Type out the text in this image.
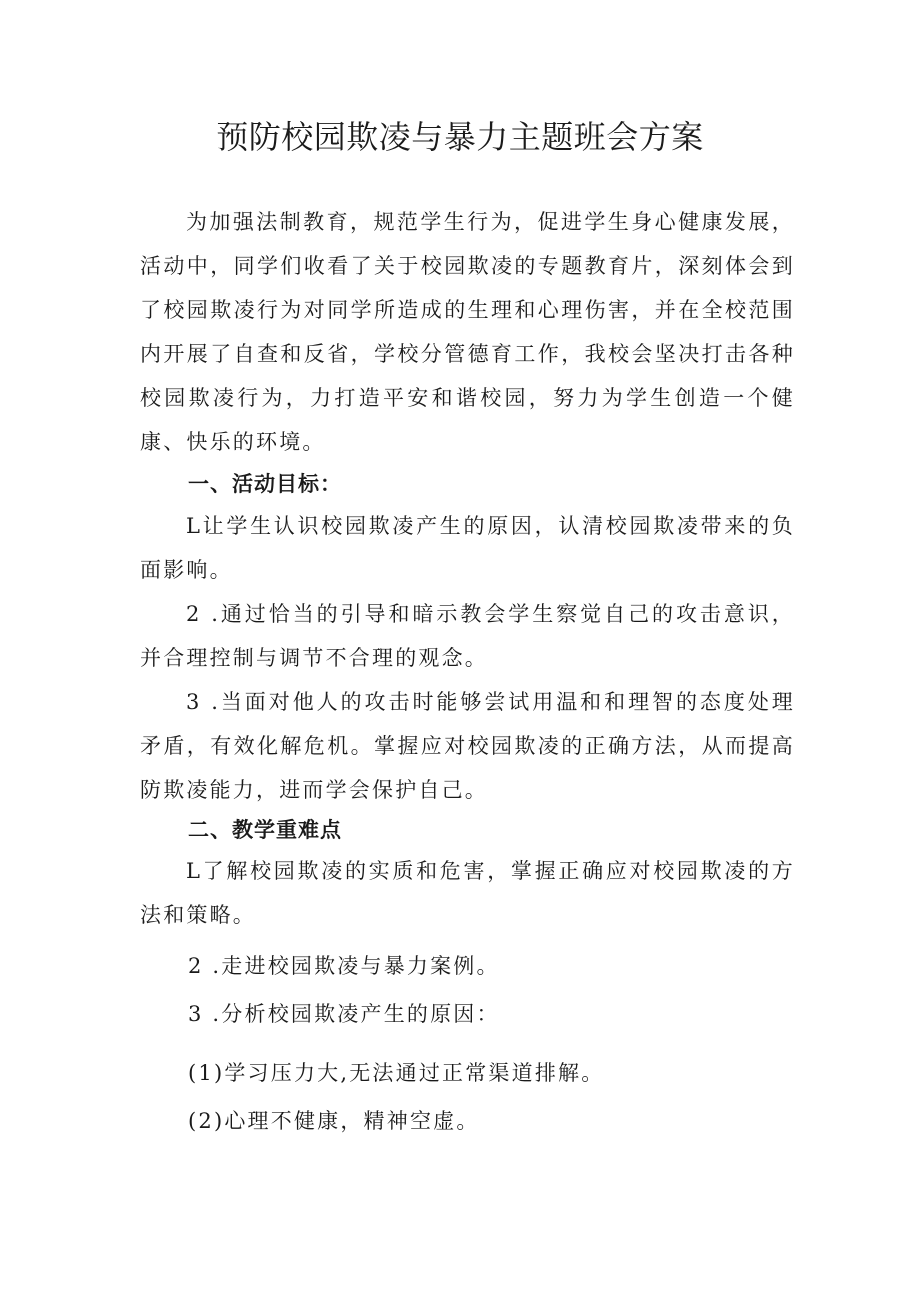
预防校园欺凌与暴力主题班会方案

为加强法制教育，规范学生行为，促进学生身心健康发展，活动中，同学们收看了关于校园欺凌的专题教育片，深刻体会到了校园欺凌行为对同学所造成的生理和心理伤害，并在全校范围内开展了自查和反省，学校分管德育工作，我校会坚决打击各种校园欺凌行为，力打造平安和谐校园，努力为学生创造一个健康、快乐的环境。

一、活动目标：

L让学生认识校园欺凌产生的原因，认清校园欺凌带来的负面影响。

2 .通过恰当的引导和暗示教会学生察觉自己的攻击意识，并合理控制与调节不合理的观念。

3 .当面对他人的攻击时能够尝试用温和和理智的态度处理矛盾，有效化解危机。掌握应对校园欺凌的正确方法，从而提高防欺凌能力，进而学会保护自己。

二、教学重难点

L了解校园欺凌的实质和危害，掌握正确应对校园欺凌的方法和策略。

2 .走进校园欺凌与暴力案例。

3 .分析校园欺凌产生的原因：

(1)学习压力大,无法通过正常渠道排解。

(2)心理不健康，精神空虚。
